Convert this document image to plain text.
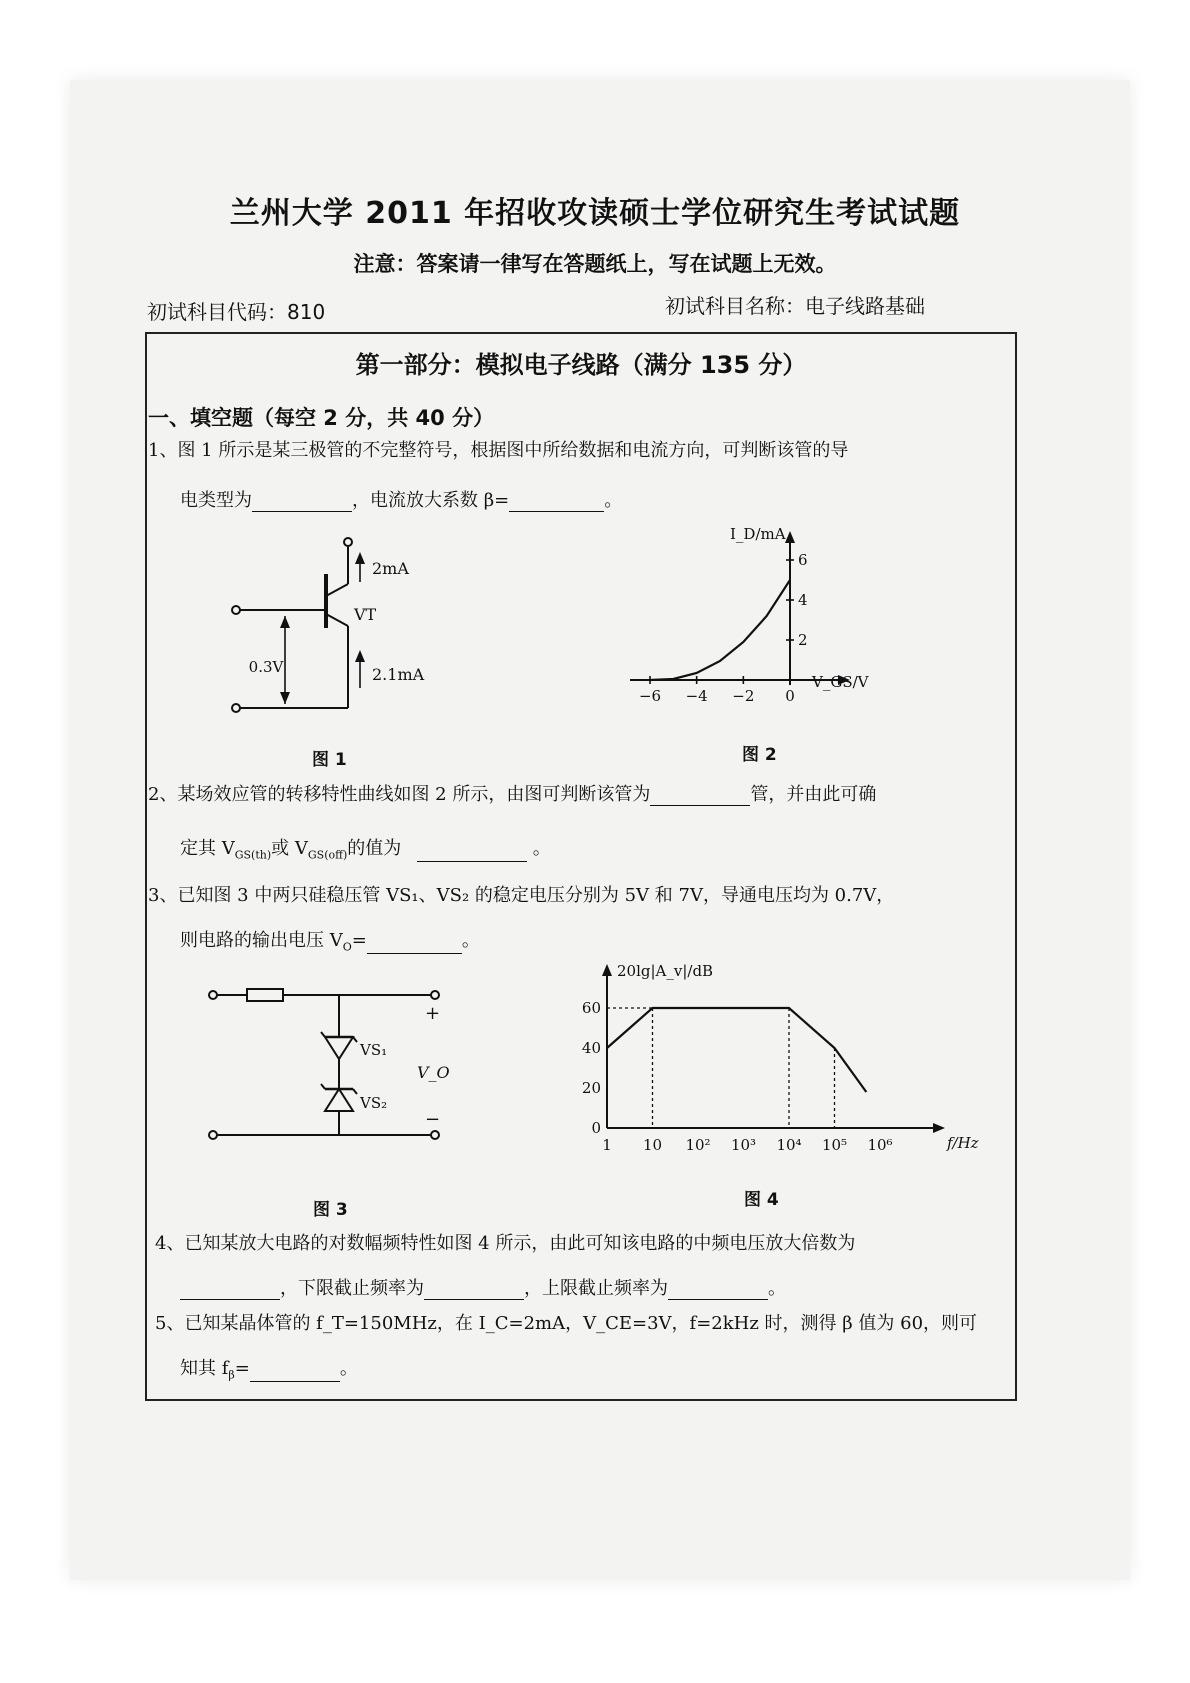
兰州大学 2011 年招收攻读硕士学位研究生考试试题
注意：答案请一律写在答题纸上，写在试题上无效。
初试科目代码：810	初试科目名称：电子线路基础
第一部分：模拟电子线路（满分 135 分）
一、填空题（每空 2 分，共 40 分）
1、图 1 所示是某三极管的不完整符号，根据图中所给数据和电流方向，可判断该管的导
电类型为	，电流放大系数 β=	。
2mA
VT
2.1mA
0.3V
图 1
I_D/mA
V_GS/V
6
4
2
−6 −4 −2 0
图 2
2、某场效应管的转移特性曲线如图 2 所示，由图可判断该管为	管，并由此可确
定其 $V_{GS(th)}$或 $V_{GS(off)}$的值为	。
3、已知图 3 中两只硅稳压管 VS₁、VS₂ 的稳定电压分别为 5V 和 7V，导通电压均为 0.7V，
则电路的输出电压 $V_O=$	。
VS₁
VS₂
V_O
+
−
图 3
20lg|A_v|/dB
60
40
20
0
1 10 10² 10³ 10⁴ 10⁵ 10⁶	f/Hz
图 4
4、已知某放大电路的对数幅频特性如图 4 所示，由此可知该电路的中频电压放大倍数为
，下限截止频率为	，上限截止频率为	。
5、已知某晶体管的 f_T=150MHz，在 I_C=2mA，V_CE=3V，f=2kHz 时，测得 β 值为 60，则可
知其 $f_\beta=$	。
